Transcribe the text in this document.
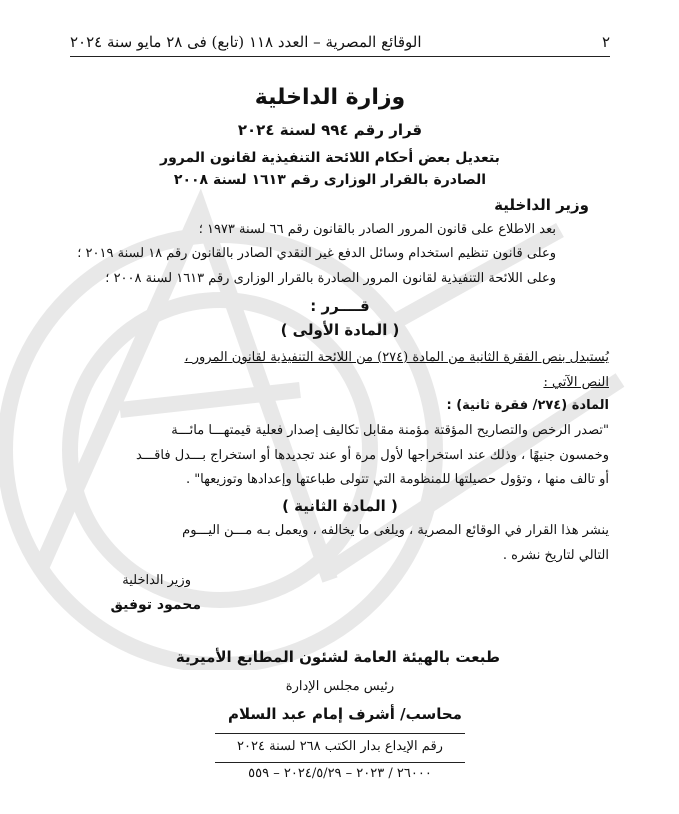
٢
الوقائع المصرية – العدد ١١٨ (تابع) فى ٢٨ مايو سنة ٢٠٢٤
وزارة الداخلية
قرار رقم ٩٩٤ لسنة ٢٠٢٤
بتعديل بعض أحكام اللائحة التنفيذية لقانون المرور
الصادرة بالقرار الوزارى رقم ١٦١٣ لسنة ٢٠٠٨
وزير الداخلية
بعد الاطلاع على قانون المرور الصادر بالقانون رقم ٦٦ لسنة ١٩٧٣ ؛
وعلى قانون تنظيم استخدام وسائل الدفع غير النقدي الصادر بالقانون رقم ١٨ لسنة ٢٠١٩ ؛
وعلى اللائحة التنفيذية لقانون المرور الصادرة بالقرار الوزارى رقم ١٦١٣ لسنة ٢٠٠٨ ؛
قــــرر :
( المادة الأولى )
يُستبدل بنص الفقرة الثانية من المادة (٢٧٤) من اللائحة التنفيذية لقانون المرور ،
النص الآتي :
المادة (٢٧٤/ فقرة ثانية) :
"تصدر الرخص والتصاريح المؤقتة مؤمنة مقابل تكاليف إصدار فعلية قيمتهـــا مائـــة
وخمسون جنيهًا ، وذلك عند استخراجها لأول مرة أو عند تجديدها أو استخراج بـــدل فاقـــد
أو تالف منها ، وتؤول حصيلتها للمنظومة التي تتولى طباعتها وإعدادها وتوزيعها" .
( المادة الثانية )
ينشر هذا القرار في الوقائع المصرية ، ويلغى ما يخالفه ، ويعمل بـه مـــن اليـــوم
التالي لتاريخ نشره .
وزير الداخلية
محمود توفيق
طبعت بالهيئة العامة لشئون المطابع الأميرية
رئيس مجلس الإدارة
محاسب/ أشرف إمام عبد السلام
رقم الإيداع بدار الكتب ٢٦٨ لسنة ٢٠٢٤
٢٦٠٠٠ / ٢٠٢٣ – ٢٠٢٤/٥/٢٩ – ٥٥٩
